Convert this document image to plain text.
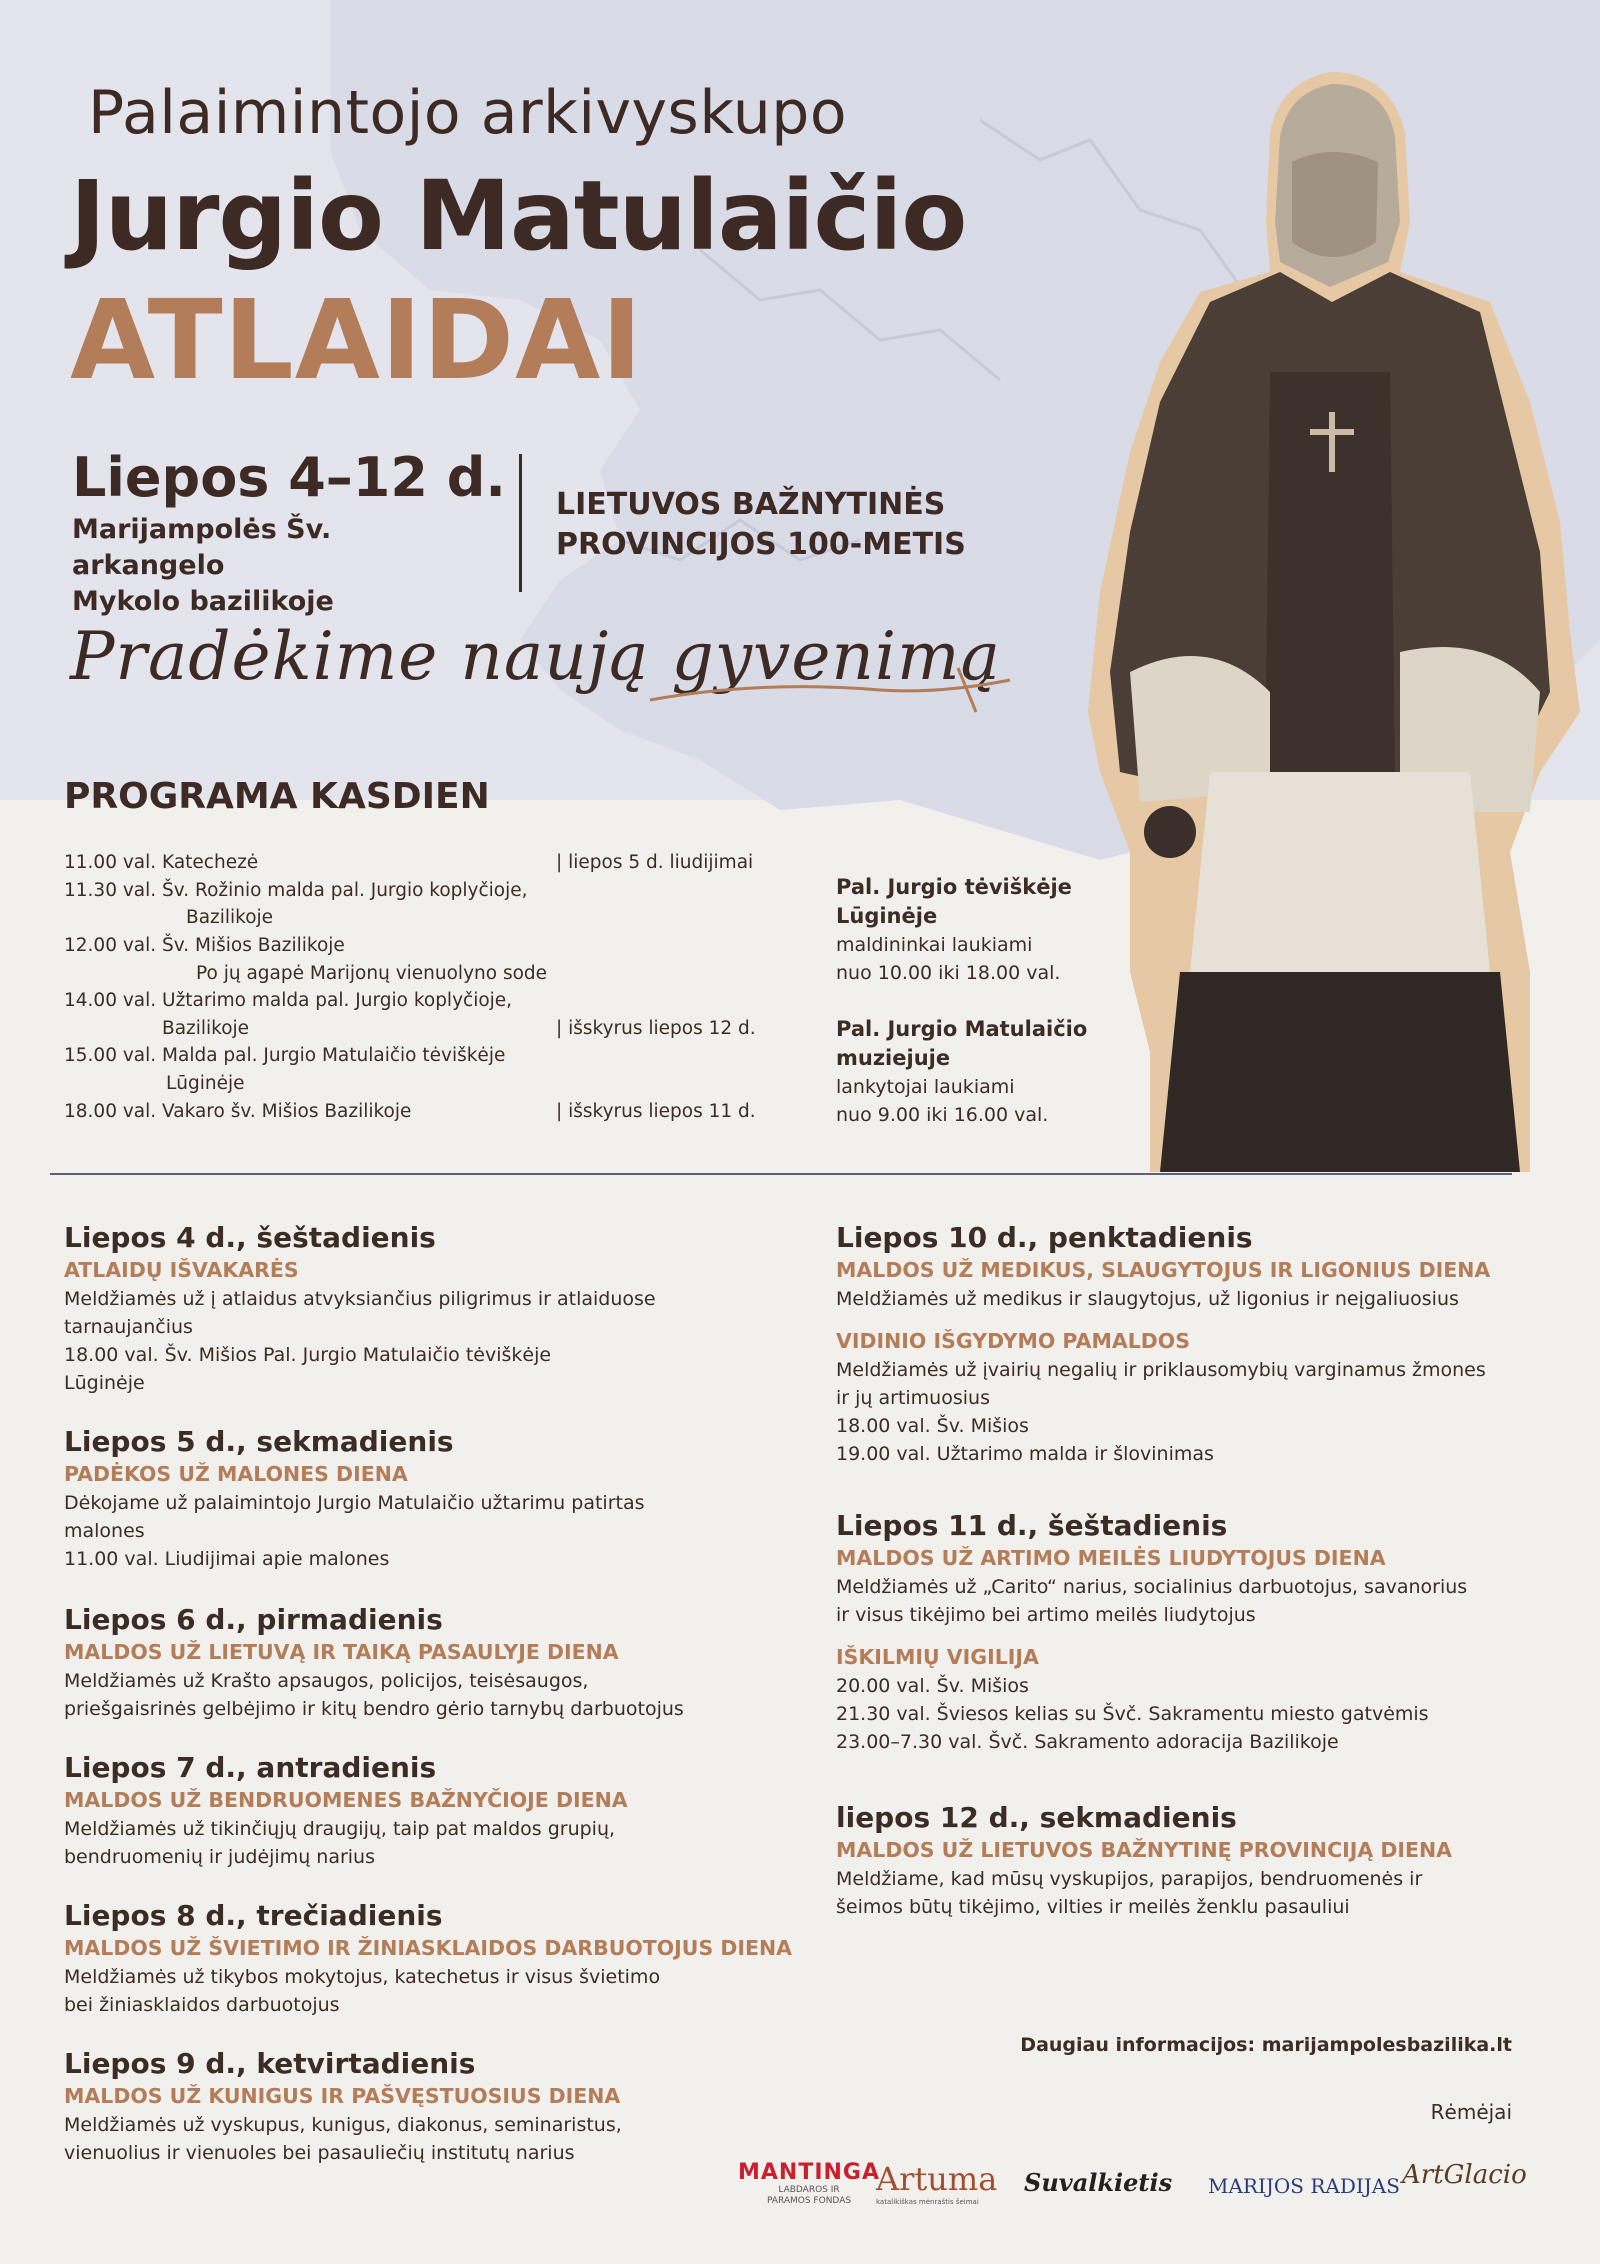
Palaimintojo arkivyskupo
Jurgio Matulaičio
ATLAIDAI
Liepos 4–12 d.
Marijampolės Šv. arkangelo
Mykolo bazilikoje
LIETUVOS BAŽNYTINĖS
PROVINCIJOS 100-METIS
Pradėkime naują gyvenimą
PROGRAMA KASDIEN
11.00 val. Katechezė
11.30 val. Šv. Rožinio malda pal. Jurgio koplyčioje,
Bazilikoje
12.00 val. Šv. Mišios Bazilikoje
Po jų agapė Marijonų vienuolyno sode
14.00 val. Užtarimo malda pal. Jurgio koplyčioje,
Bazilikoje
15.00 val. Malda pal. Jurgio Matulaičio tėviškėje
Lūginėje
18.00 val. Vakaro šv. Mišios Bazilikoje
| liepos 5 d. liudijimai
| išskyrus liepos 12 d.
| išskyrus liepos 11 d.
Pal. Jurgio tėviškėje
Lūginėje
maldininkai laukiami
nuo 10.00 iki 18.00 val.
Pal. Jurgio Matulaičio
muziejuje
lankytojai laukiami
nuo 9.00 iki 16.00 val.
Liepos 4 d., šeštadienis
ATLAIDŲ IŠVAKARĖS
Meldžiamės už į atlaidus atvyksiančius piligrimus ir atlaiduose
tarnaujančius
18.00 val. Šv. Mišios Pal. Jurgio Matulaičio tėviškėje
Lūginėje
Liepos 5 d., sekmadienis
PADĖKOS UŽ MALONES DIENA
Dėkojame už palaimintojo Jurgio Matulaičio užtarimu patirtas
malones
11.00 val. Liudijimai apie malones
Liepos 6 d., pirmadienis
MALDOS UŽ LIETUVĄ IR TAIKĄ PASAULYJE DIENA
Meldžiamės už Krašto apsaugos, policijos, teisėsaugos,
priešgaisrinės gelbėjimo ir kitų bendro gėrio tarnybų darbuotojus
Liepos 7 d., antradienis
MALDOS UŽ BENDRUOMENES BAŽNYČIOJE DIENA
Meldžiamės už tikinčiųjų draugijų, taip pat maldos grupių,
bendruomenių ir judėjimų narius
Liepos 8 d., trečiadienis
MALDOS UŽ ŠVIETIMO IR ŽINIASKLAIDOS DARBUOTOJUS DIENA
Meldžiamės už tikybos mokytojus, katechetus ir visus švietimo
bei žiniasklaidos darbuotojus
Liepos 9 d., ketvirtadienis
MALDOS UŽ KUNIGUS IR PAŠVĘSTUOSIUS DIENA
Meldžiamės už vyskupus, kunigus, diakonus, seminaristus,
vienuolius ir vienuoles bei pasauliečių institutų narius
Liepos 10 d., penktadienis
MALDOS UŽ MEDIKUS, SLAUGYTOJUS IR LIGONIUS DIENA
Meldžiamės už medikus ir slaugytojus, už ligonius ir neįgaliuosius
VIDINIO IŠGYDYMO PAMALDOS
Meldžiamės už įvairių negalių ir priklausomybių varginamus žmones
ir jų artimuosius
18.00 val. Šv. Mišios
19.00 val. Užtarimo malda ir šlovinimas
Liepos 11 d., šeštadienis
MALDOS UŽ ARTIMO MEILĖS LIUDYTOJUS DIENA
Meldžiamės už „Carito“ narius, socialinius darbuotojus, savanorius
ir visus tikėjimo bei artimo meilės liudytojus
IŠKILMIŲ VIGILIJA
20.00 val. Šv. Mišios
21.30 val. Šviesos kelias su Švč. Sakramentu miesto gatvėmis
23.00–7.30 val. Švč. Sakramento adoracija Bazilikoje
liepos 12 d., sekmadienis
MALDOS UŽ LIETUVOS BAŽNYTINĘ PROVINCIJĄ DIENA
Meldžiame, kad mūsų vyskupijos, parapijos, bendruomenės ir
šeimos būtų tikėjimo, vilties ir meilės ženklu pasauliui
Daugiau informacijos: marijampolesbazilika.lt
Rėmėjai
MANTINGA
LABDAROS IR
PARAMOS FONDAS
Artuma
katalikiškas mėnraštis šeimai
Suvalkietis MARIJOS RADIJAS ArtGlacio
